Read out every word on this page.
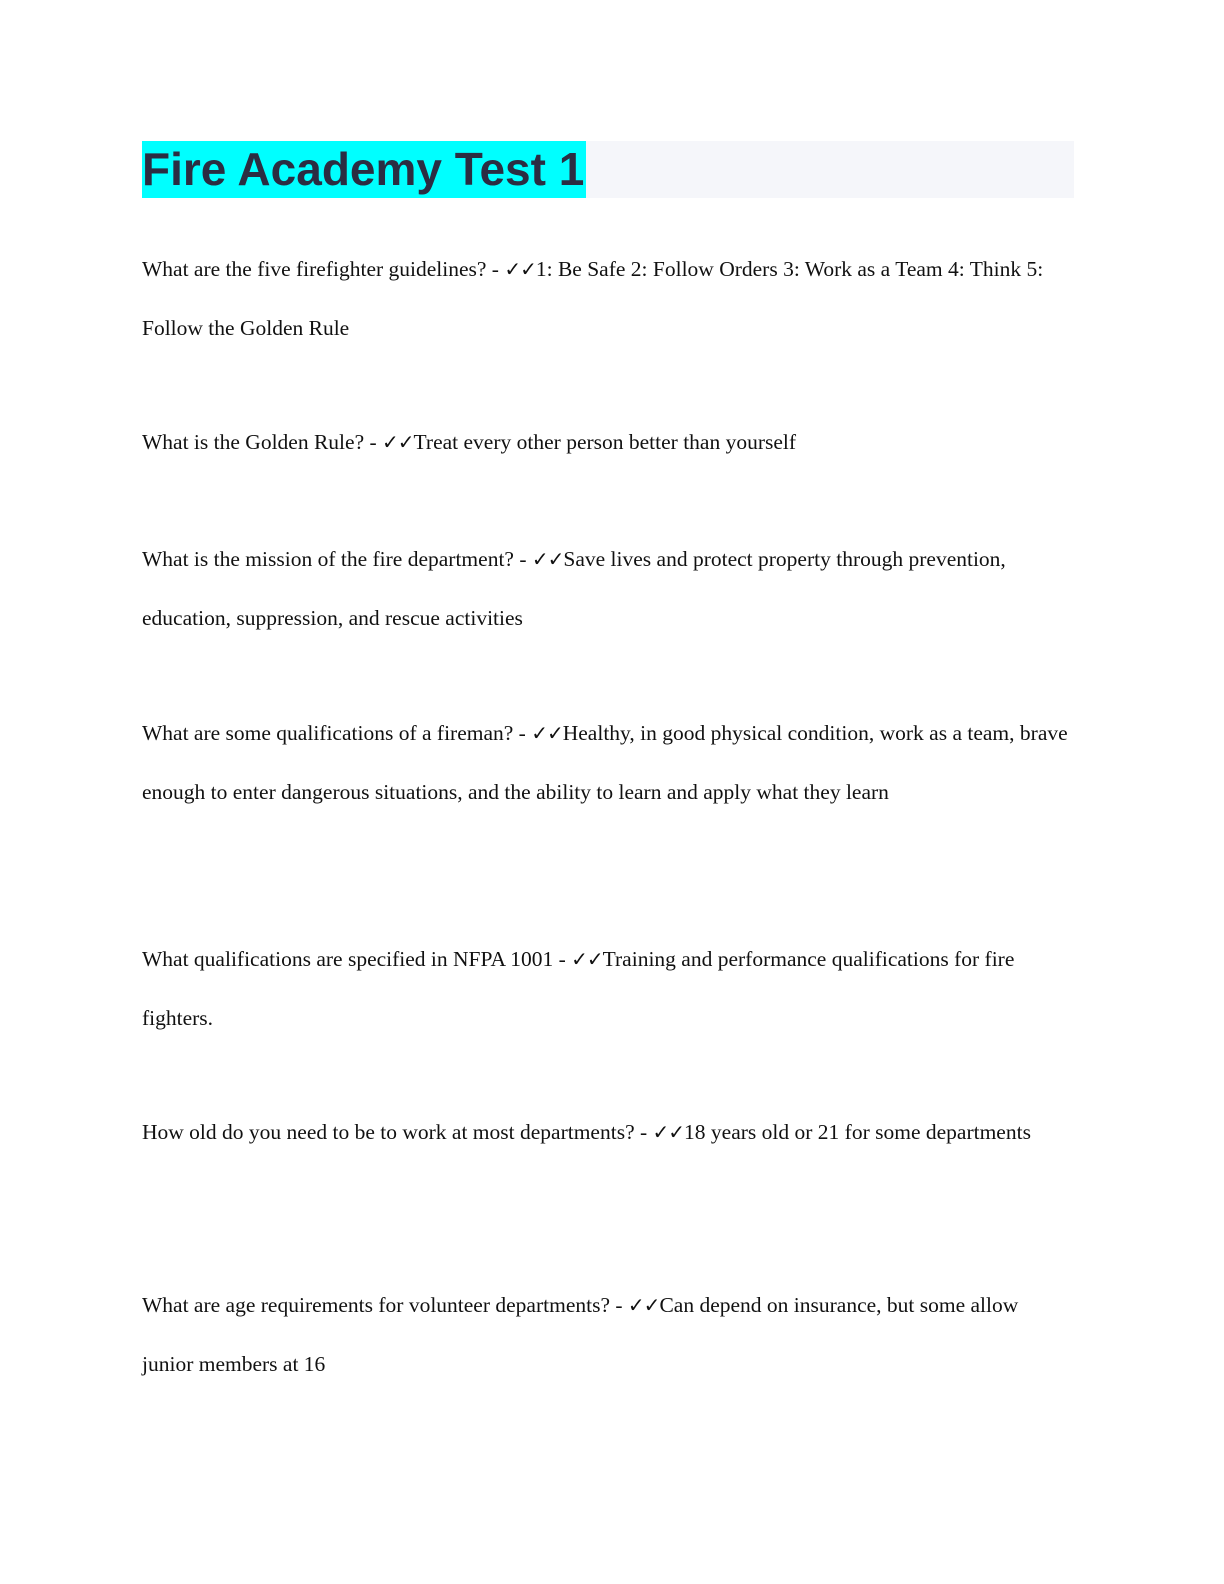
Fire Academy Test 1
What are the five firefighter guidelines? - ✓✓1: Be Safe 2: Follow Orders 3: Work as a Team 4: Think 5: Follow the Golden Rule
What is the Golden Rule? - ✓✓Treat every other person better than yourself
What is the mission of the fire department? - ✓✓Save lives and protect property through prevention, education, suppression, and rescue activities
What are some qualifications of a fireman? - ✓✓Healthy, in good physical condition, work as a team, brave enough to enter dangerous situations, and the ability to learn and apply what they learn
What qualifications are specified in NFPA 1001 - ✓✓Training and performance qualifications for fire fighters.
How old do you need to be to work at most departments? - ✓✓18 years old or 21 for some departments
What are age requirements for volunteer departments? - ✓✓Can depend on insurance, but some allow junior members at 16
